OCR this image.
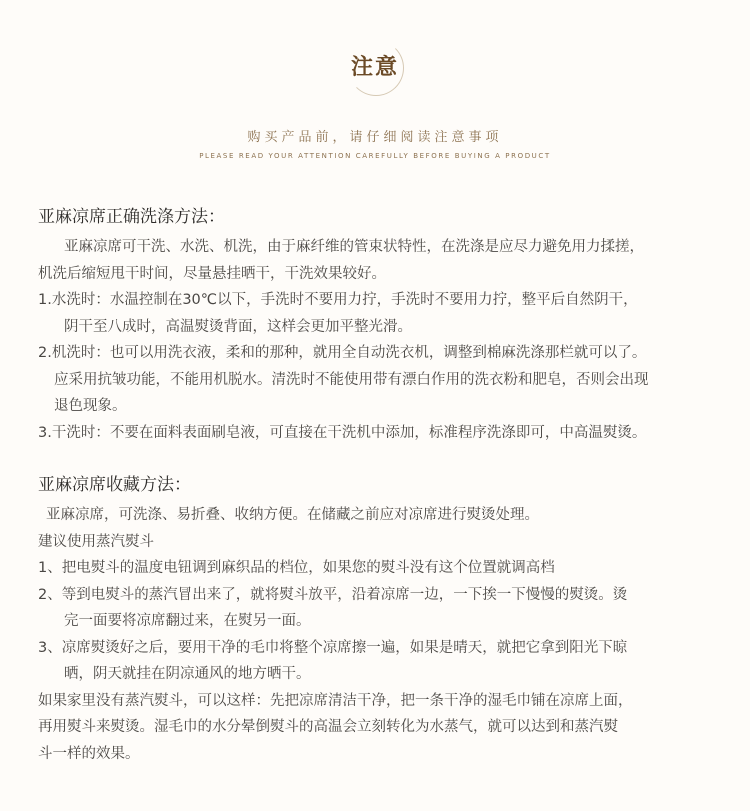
注意
购买产品前，请仔细阅读注意事项
PLEASE READ YOUR ATTENTION CAREFULLY BEFORE BUYING A PRODUCT
亚麻凉席正确洗涤方法：
亚麻凉席可干洗、水洗、机洗，由于麻纤维的管束状特性，在洗涤是应尽力避免用力揉搓，
机洗后缩短甩干时间，尽量悬挂晒干，干洗效果较好。
1.水洗时：水温控制在30℃以下，手洗时不要用力拧，手洗时不要用力拧，整平后自然阴干，
阴干至八成时，高温熨烫背面，这样会更加平整光滑。
2.机洗时：也可以用洗衣液，柔和的那种，就用全自动洗衣机，调整到棉麻洗涤那栏就可以了。
应采用抗皱功能，不能用机脱水。清洗时不能使用带有漂白作用的洗衣粉和肥皂，否则会出现
退色现象。
3.干洗时：不要在面料表面刷皂液，可直接在干洗机中添加，标准程序洗涤即可，中高温熨烫。
亚麻凉席收藏方法：
亚麻凉席，可洗涤、易折叠、收纳方便。在储藏之前应对凉席进行熨烫处理。
建议使用蒸汽熨斗
1、把电熨斗的温度电钮调到麻织品的档位，如果您的熨斗没有这个位置就调高档
2、等到电熨斗的蒸汽冒出来了，就将熨斗放平，沿着凉席一边，一下挨一下慢慢的熨烫。烫
完一面要将凉席翻过来，在熨另一面。
3、凉席熨烫好之后，要用干净的毛巾将整个凉席擦一遍，如果是晴天，就把它拿到阳光下晾
晒，阴天就挂在阴凉通风的地方晒干。
如果家里没有蒸汽熨斗，可以这样：先把凉席清洁干净，把一条干净的湿毛巾铺在凉席上面，
再用熨斗来熨烫。湿毛巾的水分晕倒熨斗的高温会立刻转化为水蒸气，就可以达到和蒸汽熨
斗一样的效果。
